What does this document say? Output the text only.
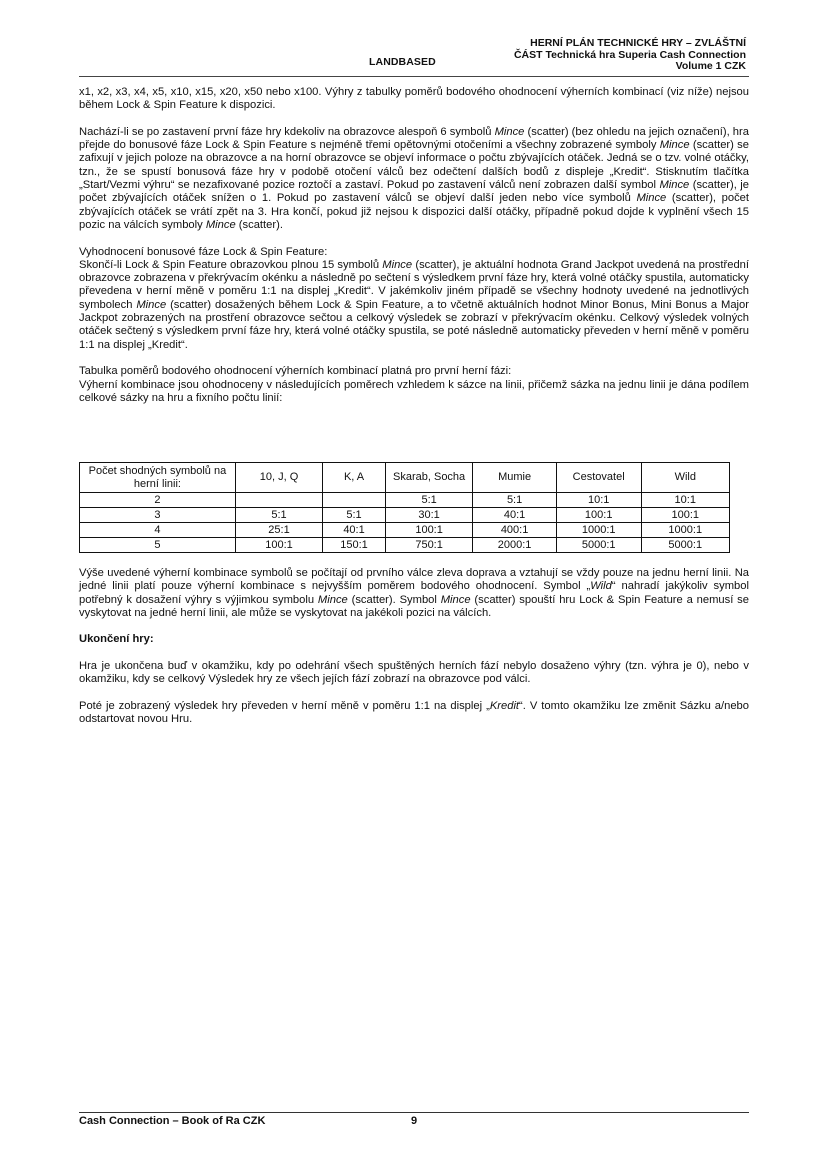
LANDBASED
HERNÍ PLÁN TECHNICKÉ HRY – ZVLÁŠTNÍ
ČÁST Technická hra Superia Cash Connection
Volume 1 CZK

x1, x2, x3, x4, x5, x10, x15, x20, x50 nebo x100. Výhry z tabulky poměrů bodového ohodnocení výherních kombinací (viz níže) nejsou během Lock & Spin Feature k dispozici.

Nachází-li se po zastavení první fáze hry kdekoliv na obrazovce alespoň 6 symbolů Mince (scatter) (bez ohledu na jejich označení), hra přejde do bonusové fáze Lock & Spin Feature s nejméně třemi opětovnými otočeními a všechny zobrazené symboly Mince (scatter) se zafixují v jejich poloze na obrazovce a na horní obrazovce se objeví informace o počtu zbývajících otáček. Jedná se o tzv. volné otáčky, tzn., že se spustí bonusová fáze hry v podobě otočení válců bez odečtení dalších bodů z displeje „Kredit“. Stisknutím tlačítka „Start/Vezmi výhru“ se nezafixované pozice roztočí a zastaví. Pokud po zastavení válců není zobrazen další symbol Mince (scatter), je počet zbývajících otáček snížen o 1. Pokud po zastavení válců se objeví další jeden nebo více symbolů Mince (scatter), počet zbývajících otáček se vrátí zpět na 3. Hra končí, pokud již nejsou k dispozici další otáčky, případně pokud dojde k vyplnění všech 15 pozic na válcích symboly Mince (scatter).

Vyhodnocení bonusové fáze Lock & Spin Feature:

Skončí-li Lock & Spin Feature obrazovkou plnou 15 symbolů Mince (scatter), je aktuální hodnota Grand Jackpot uvedená na prostřední obrazovce zobrazena v překrývacím okénku a následně po sečtení s výsledkem první fáze hry, která volné otáčky spustila, automaticky převedena v herní měně v poměru 1:1 na displej „Kredit“. V jakémkoliv jiném případě se všechny hodnoty uvedené na jednotlivých symbolech Mince (scatter) dosažených během Lock & Spin Feature, a to včetně aktuálních hodnot Minor Bonus, Mini Bonus a Major Jackpot zobrazených na prostření obrazovce sečtou a celkový výsledek se zobrazí v překrývacím okénku. Celkový výsledek volných otáček sečtený s výsledkem první fáze hry, která volné otáčky spustila, se poté následně automaticky převeden v herní měně v poměru 1:1 na displej „Kredit“.

Tabulka poměrů bodového ohodnocení výherních kombinací platná pro první herní fázi:

Výherní kombinace jsou ohodnoceny v následujících poměrech vzhledem k sázce na linii, přičemž sázka na jednu linii je dána podílem celkové sázky na hru a fixního počtu linií:

Počet shodných symbolů na herní linii:	10, J, Q	K, A	Skarab, Socha	Mumie	Cestovatel	Wild
2			5:1	5:1	10:1	10:1
3	5:1	5:1	30:1	40:1	100:1	100:1
4	25:1	40:1	100:1	400:1	1000:1	1000:1
5	100:1	150:1	750:1	2000:1	5000:1	5000:1

Výše uvedené výherní kombinace symbolů se počítají od prvního válce zleva doprava a vztahují se vždy pouze na jednu herní linii. Na jedné linii platí pouze výherní kombinace s nejvyšším poměrem bodového ohodnocení. Symbol „Wild“ nahradí jakýkoliv symbol potřebný k dosažení výhry s výjimkou symbolu Mince (scatter). Symbol Mince (scatter) spouští hru Lock & Spin Feature a nemusí se vyskytovat na jedné herní linii, ale může se vyskytovat na jakékoli pozici na válcích.

Ukončení hry:

Hra je ukončena buď v okamžiku, kdy po odehrání všech spuštěných herních fází nebylo dosaženo výhry (tzn. výhra je 0), nebo v okamžiku, kdy se celkový Výsledek hry ze všech jejích fází zobrazí na obrazovce pod válci.

Poté je zobrazený výsledek hry převeden v herní měně v poměru 1:1 na displej „Kredit“. V tomto okamžiku lze změnit Sázku a/nebo odstartovat novou Hru.

Cash Connection – Book of Ra CZK	9
